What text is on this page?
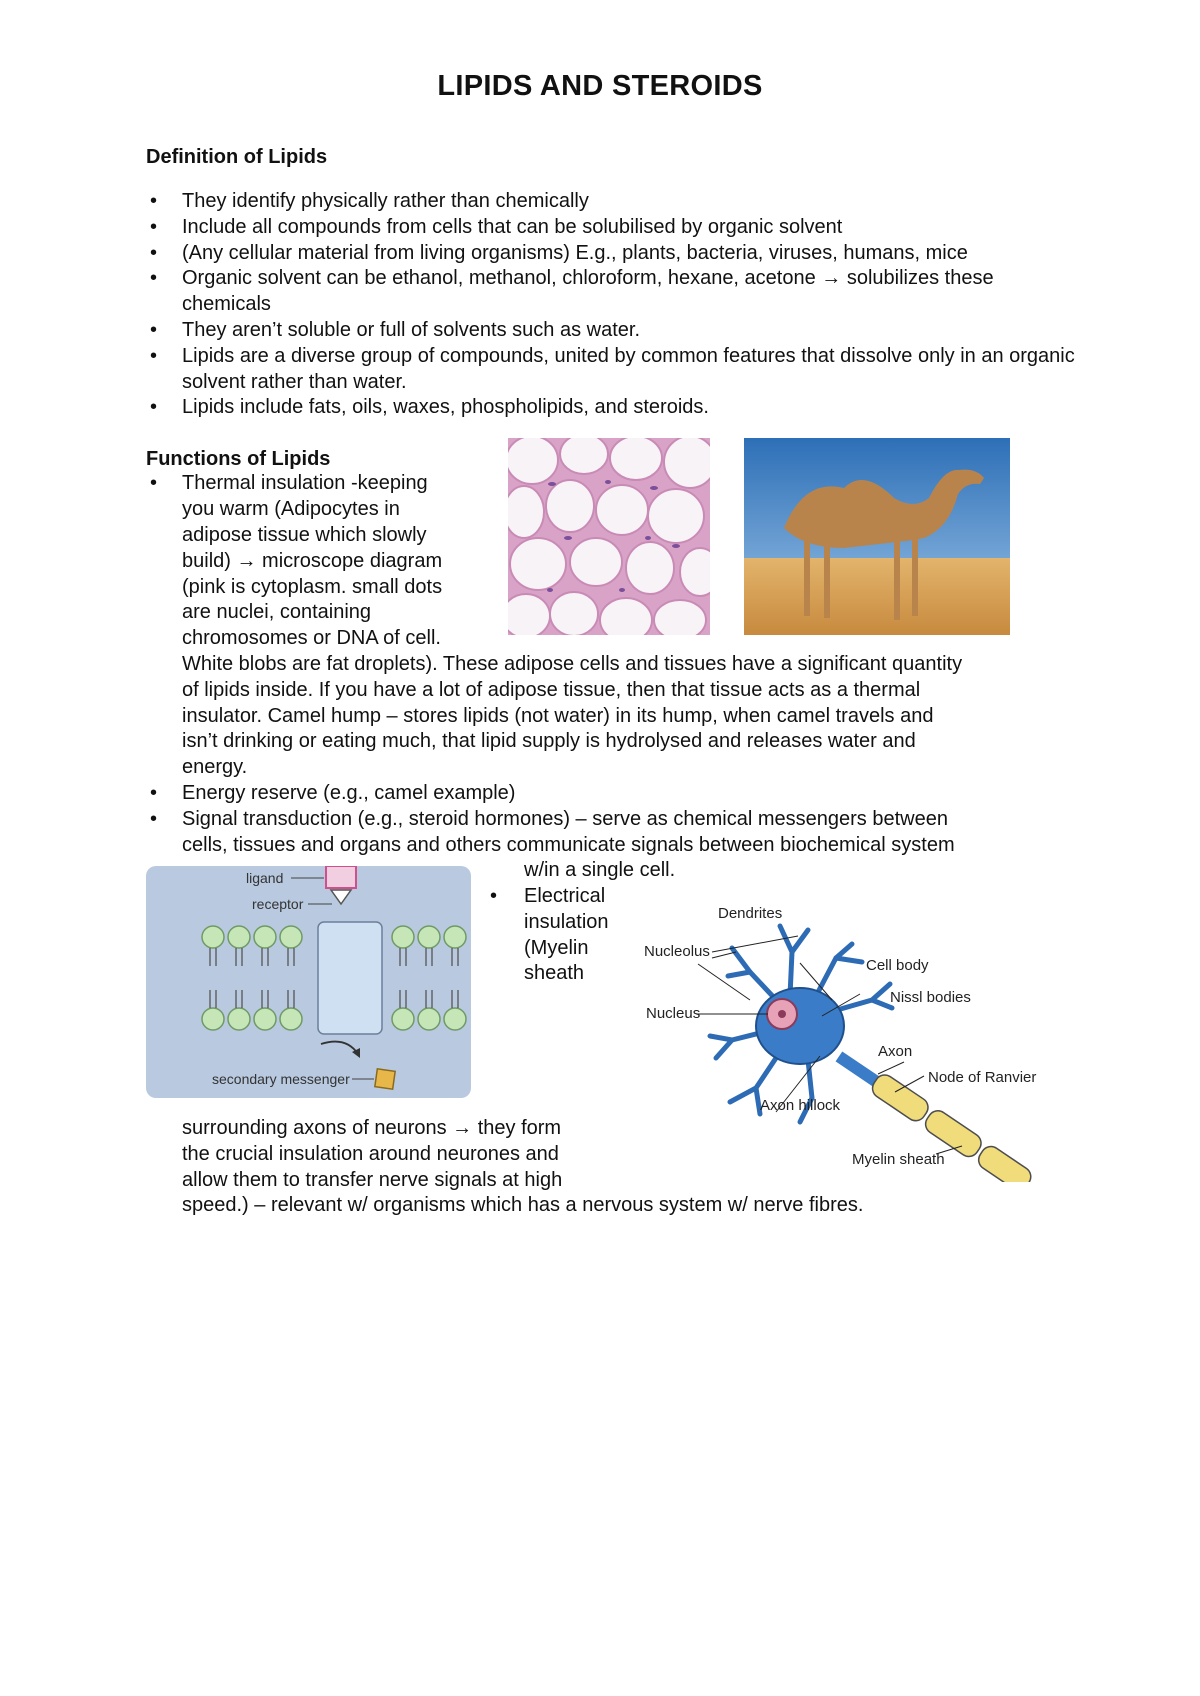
LIPIDS AND STEROIDS
Definition of Lipids
• They identify physically rather than chemically
• Include all compounds from cells that can be solubilised by organic solvent
• (Any cellular material from living organisms) E.g., plants, bacteria, viruses, humans, mice
• Organic solvent can be ethanol, methanol, chloroform, hexane, acetone → solubilizes these chemicals
• They aren’t soluble or full of solvents such as water.
• Lipids are a diverse group of compounds, united by common features that dissolve only in an organic solvent rather than water.
• Lipids include fats, oils, waxes, phospholipids, and steroids.
Functions of Lipids
• Thermal insulation -keeping
you warm (Adipocytes in
adipose tissue which slowly
build) → microscope diagram
(pink is cytoplasm. small dots
are nuclei, containing
chromosomes or DNA of cell.
White blobs are fat droplets). These adipose cells and tissues have a significant quantity
of lipids inside. If you have a lot of adipose tissue, then that tissue acts as a thermal
insulator. Camel hump – stores lipids (not water) in its hump, when camel travels and
isn’t drinking or eating much, that lipid supply is hydrolysed and releases water and
energy.
• Energy reserve (e.g., camel example)
• Signal transduction (e.g., steroid hormones) – serve as chemical messengers between
cells, tissues and organs and others communicate signals between biochemical system
w/in a single cell.
ligand
receptor
secondary messenger
• Electrical
insulation
(Myelin
sheath
Dendrites
Nucleolus
Cell body
Nissl bodies
Nucleus
Axon
Node of Ranvier
Axon hillock
Myelin sheath
surrounding axons of neurons → they form
the crucial insulation around neurones and
allow them to transfer nerve signals at high
speed.) – relevant w/ organisms which has a nervous system w/ nerve fibres.
